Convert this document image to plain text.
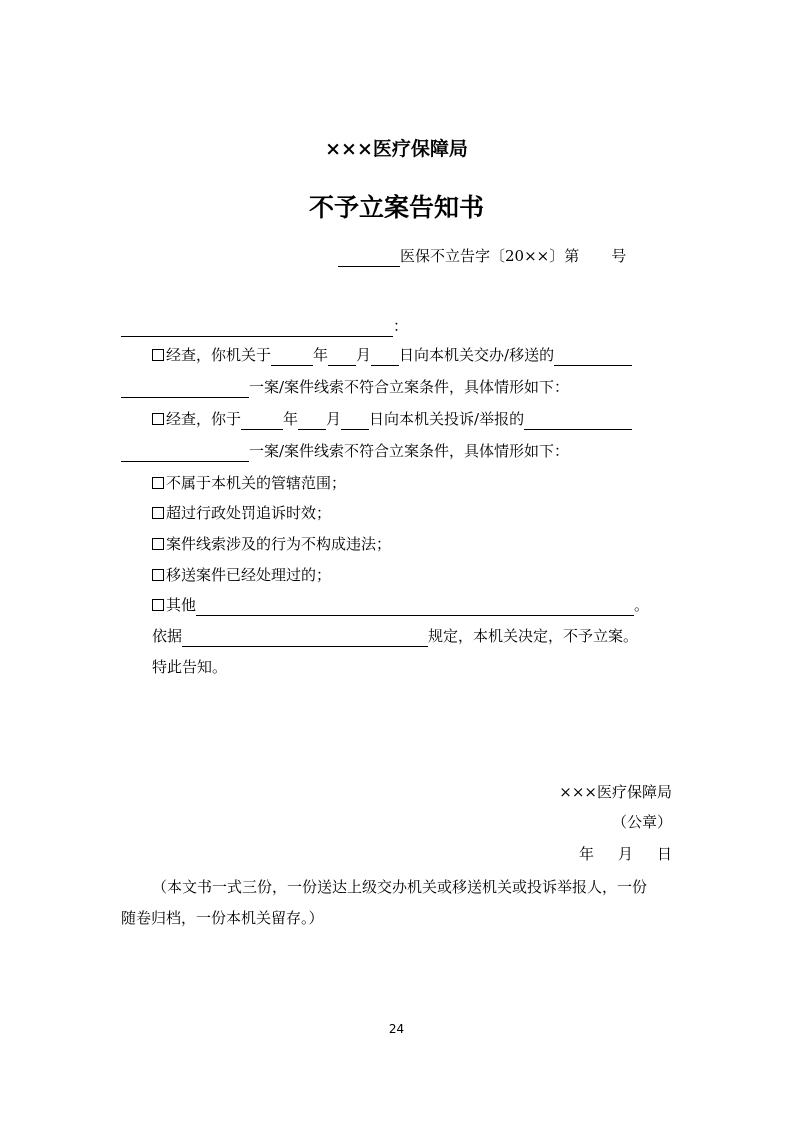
×××医疗保障局
不予立案告知书
医保不立告字〔20××〕第 号
：
经查，你机关于	年 月 日向本机关交办/移送的
一案/案件线索不符合立案条件，具体情形如下：
经查，你于	年 月 日向本机关投诉/举报的
一案/案件线索不符合立案条件，具体情形如下：
不属于本机关的管辖范围；
超过行政处罚追诉时效；
案件线索涉及的行为不构成违法；
移送案件已经处理过的；
其他	。
依据	规定，本机关决定，不予立案。
特此告知。
×××医疗保障局
（公章）
年 月 日
（本文书一式三份，一份送达上级交办机关或移送机关或投诉举报人，一份
随卷归档，一份本机关留存。）
24
